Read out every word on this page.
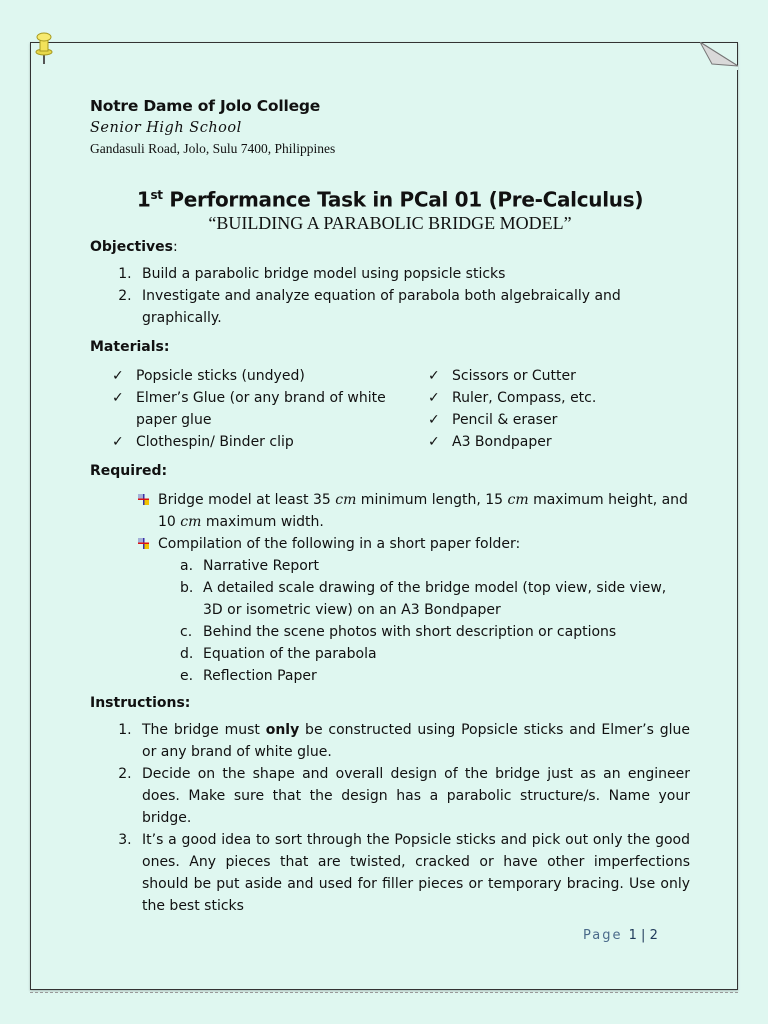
Notre Dame of Jolo College

Senior High School

Gandasuli Road, Jolo, Sulu 7400, Philippines

1st Performance Task in PCal 01 (Pre-Calculus)
“BUILDING A PARABOLIC BRIDGE MODEL”
Objectives:
1. Build a parabolic bridge model using popsicle sticks
2. Investigate and analyze equation of parabola both algebraically and graphically.
Materials:
✓ Popsicle sticks (undyed)
✓ Elmer’s Glue (or any brand of white paper glue
✓ Clothespin/ Binder clip
✓ Scissors or Cutter
✓ Ruler, Compass, etc.
✓ Pencil & eraser
✓ A3 Bondpaper
Required:
Bridge model at least 35 cm minimum length, 15 cm maximum height, and 10 cm maximum width.
Compilation of the following in a short paper folder:
a. Narrative Report
b. A detailed scale drawing of the bridge model (top view, side view, 3D or isometric view) on an A3 Bondpaper
c. Behind the scene photos with short description or captions
d. Equation of the parabola
e. Reflection Paper
Instructions:
1. The bridge must only be constructed using Popsicle sticks and Elmer’s glue or any brand of white glue.
2. Decide on the shape and overall design of the bridge just as an engineer does. Make sure that the design has a parabolic structure/s. Name your bridge.
3. It’s a good idea to sort through the Popsicle sticks and pick out only the good ones. Any pieces that are twisted, cracked or have other imperfections should be put aside and used for filler pieces or temporary bracing. Use only the best sticks
Page 1 | 2
